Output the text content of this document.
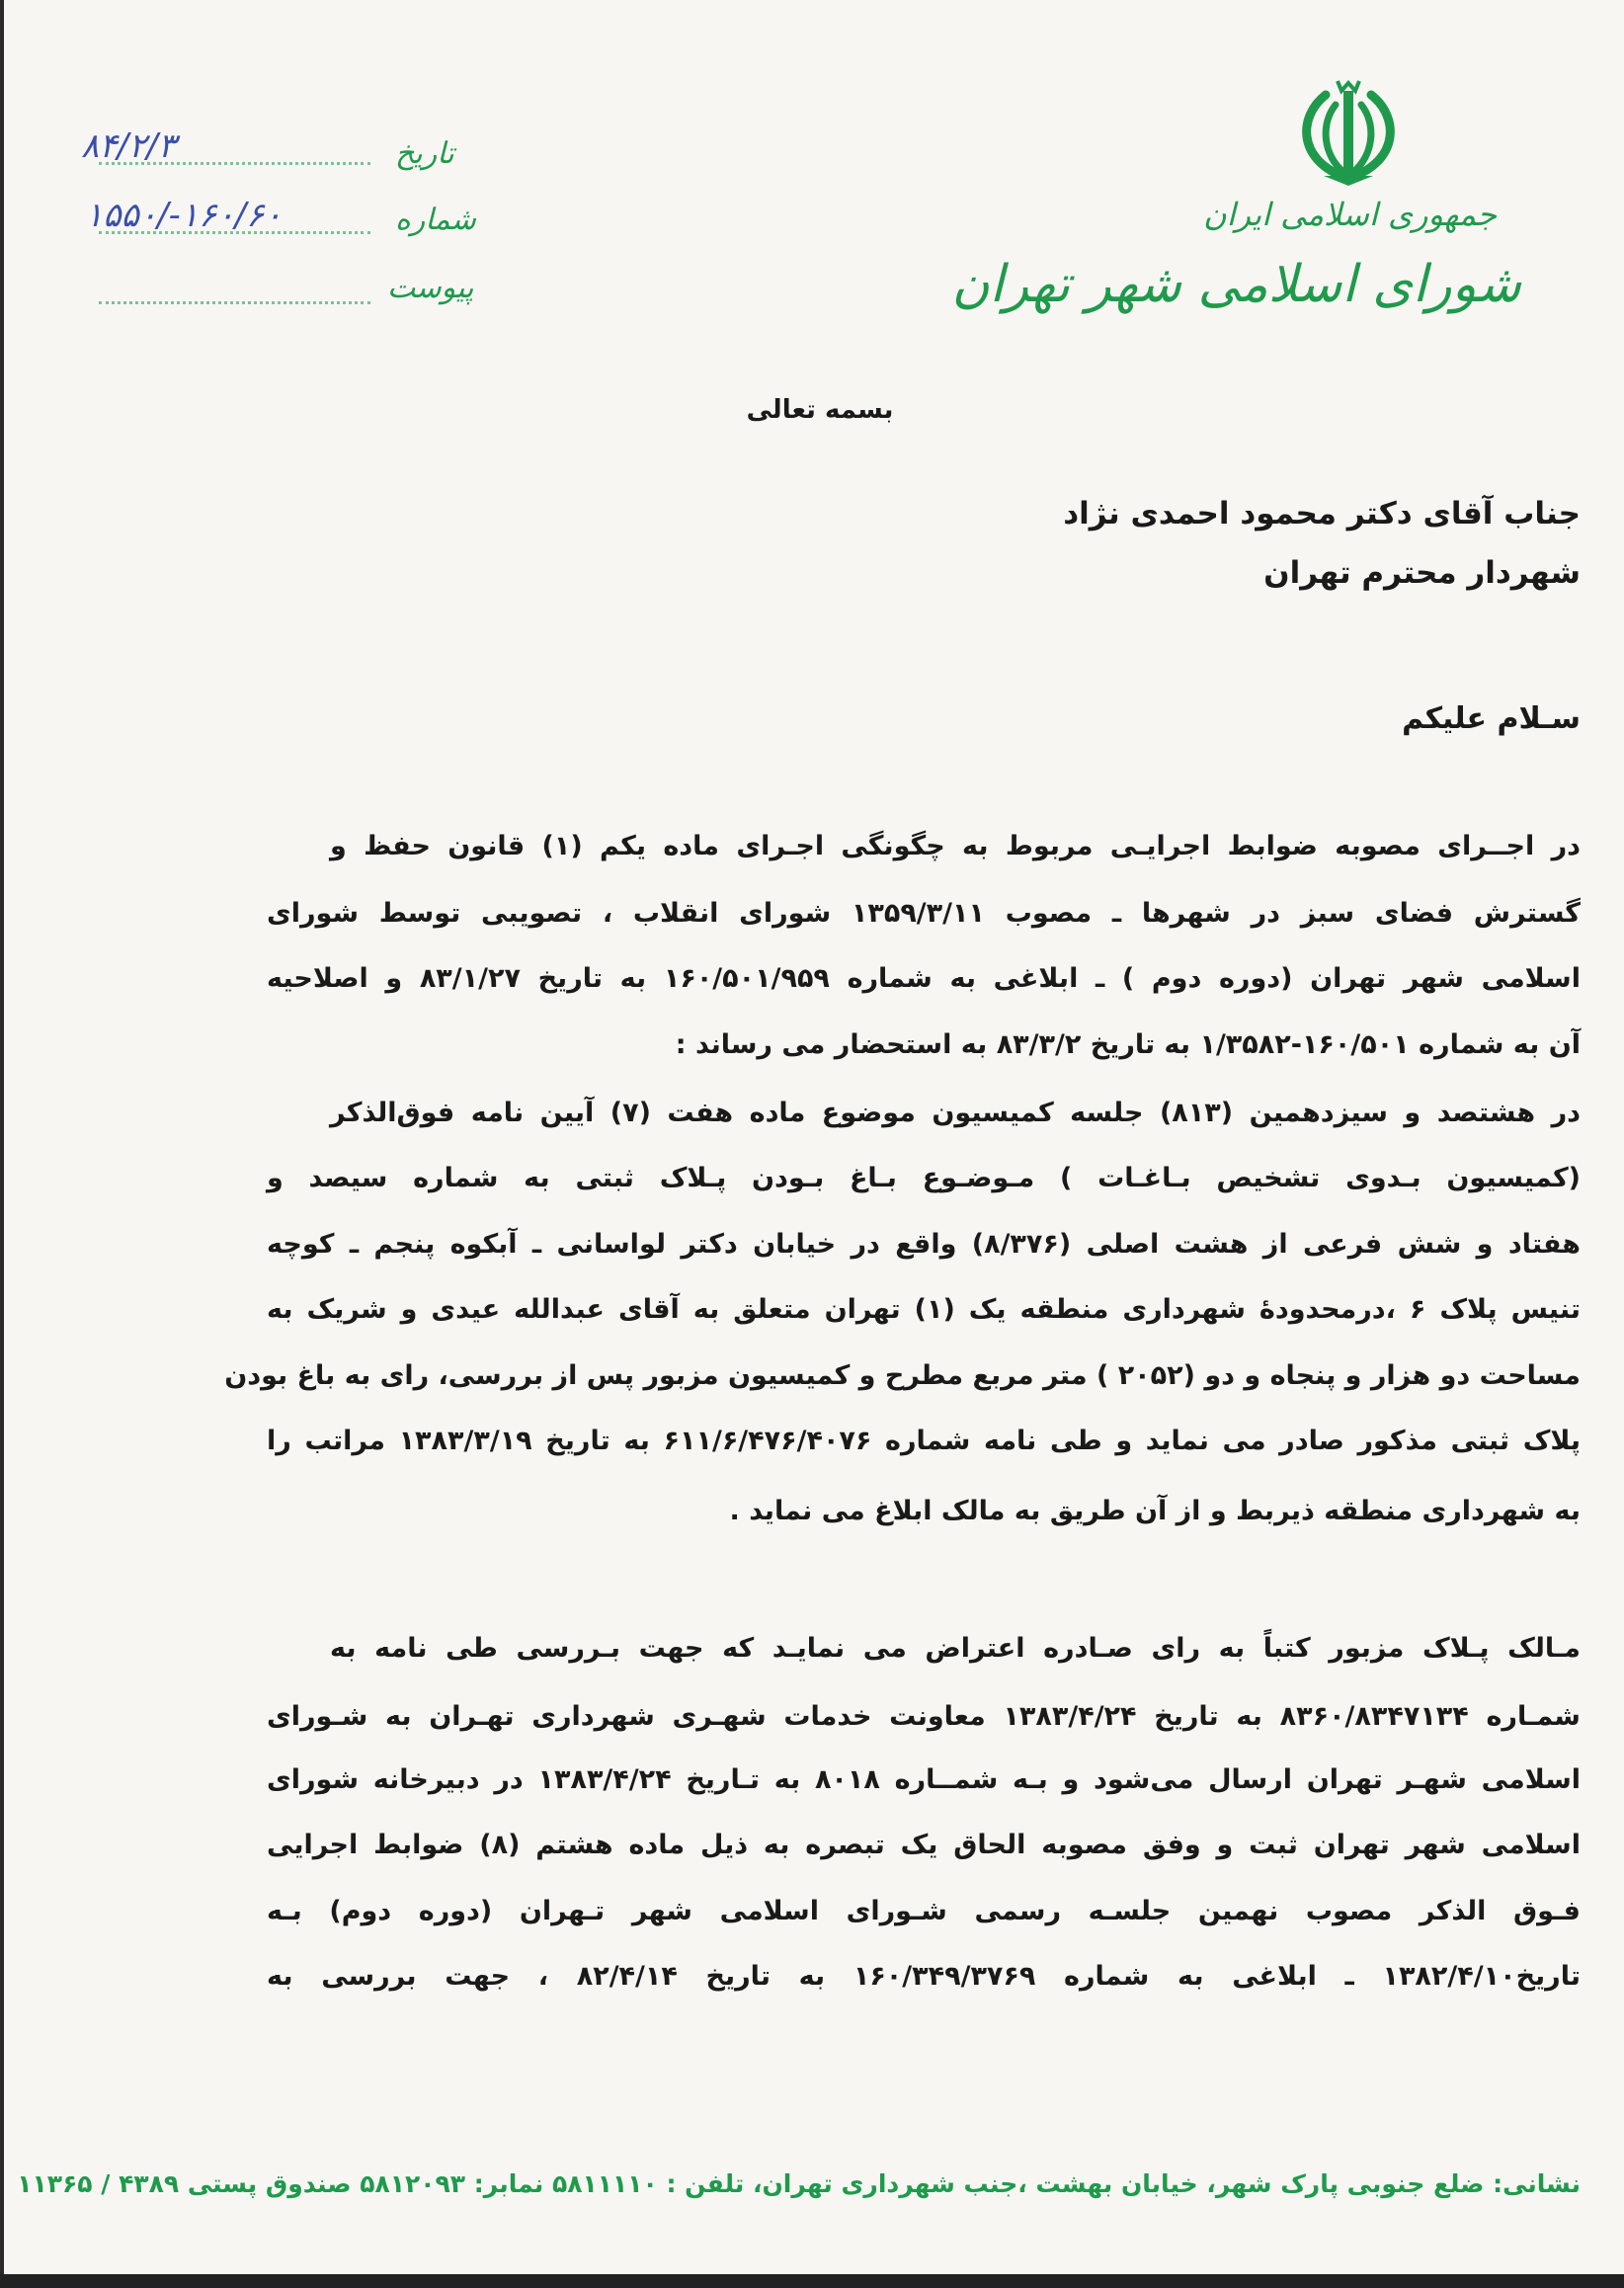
جمهوری اسلامی ایران
شورای اسلامی شهر تهران
تاریخ
۸۴/۲/۳
شماره
۱۶۰/۶۰-/۱۵۵۰
پیوست
بسمه تعالی
جناب آقای دکتر محمود احمدی نژاد
شهردار محترم تهران
سـلام علیکم
در اجــرای مصوبه ضوابط اجرایـی مربوط به چگونگی اجـرای ماده یکم (۱) قانون حفظ و
گسترش فضای سبز در شهرها ـ مصوب ۱۳۵۹/۳/۱۱ شورای انقلاب ، تصویبی توسط شورای
اسلامی شهر تهران (دوره دوم ) ـ ابلاغی به شماره ۱۶۰/۵۰۱/۹۵۹ به تاریخ ۸۳/۱/۲۷ و اصلاحیه
آن به شماره ۱۶۰/۵۰۱-۱/۳۵۸۲ به تاریخ ۸۳/۳/۲ به استحضار می رساند :
در هشتصد و سیزدهمین (۸۱۳) جلسه کمیسیون موضوع ماده هفت (۷) آیین نامه فوق‌الذکر
(کمیسیون بـدوی تشخیص بـاغـات ) مـوضـوع بـاغ بـودن پـلاک ثبتی به شماره سیصد و
هفتاد و شش فرعی از هشت اصلی (۸/۳۷۶) واقع در خیابان دکتر لواسانی ـ آبکوه پنجم ـ کوچه
تنیس پلاک ۶ ،درمحدودۀ شهرداری منطقه یک (۱) تهران متعلق به آقای عبدالله عیدی و شریک به
مساحت دو هزار و پنجاه و دو (۲۰۵۲ ) متر مربع مطرح و کمیسیون مزبور پس از بررسی، رای به باغ بودن
پلاک ثبتی مذکور صادر می نماید و طی نامه شماره ۶۱۱/۶/۴۷۶/۴۰۷۶ به تاریخ ۱۳۸۳/۳/۱۹ مراتب را
به شهرداری منطقه ذیربط و از آن طریق به مالک ابلاغ می نماید .
مـالک پـلاک مزبور کتباً به رای صـادره اعتراض می نمایـد که جهت بـررسی طی نامه به
شمـاره ۸۳۶۰/۸۳۴۷۱۳۴ به تاریخ ۱۳۸۳/۴/۲۴ معاونت خدمات شهـری شهرداری تهـران به شـورای
اسلامی شهـر تهران ارسال می‌شود و بـه شمــاره ۸۰۱۸ به تـاریخ ۱۳۸۳/۴/۲۴ در دبیرخانه شورای
اسلامی شهر تهران ثبت و وفق مصوبه الحاق یک تبصره به ذیل ماده هشتم (۸) ضوابط اجرایی
فـوق الذکر مصوب نهمین جلسـه رسمی شـورای اسلامی شهر تـهران (دوره دوم) بـه
تاریخ۱۳۸۲/۴/۱۰ ـ ابلاغی به شماره ۱۶۰/۳۴۹/۳۷۶۹ به تاریخ ۸۲/۴/۱۴ ، جهت بررسی به
نشانی: ضلع جنوبی پارک شهر، خیابان بهشت ،جنب شهرداری تهران، تلفن : ۵۸۱۱۱۱۰ نمابر: ۵۸۱۲۰۹۳ صندوق پستی ۴۳۸۹ / ۱۱۳۶۵
